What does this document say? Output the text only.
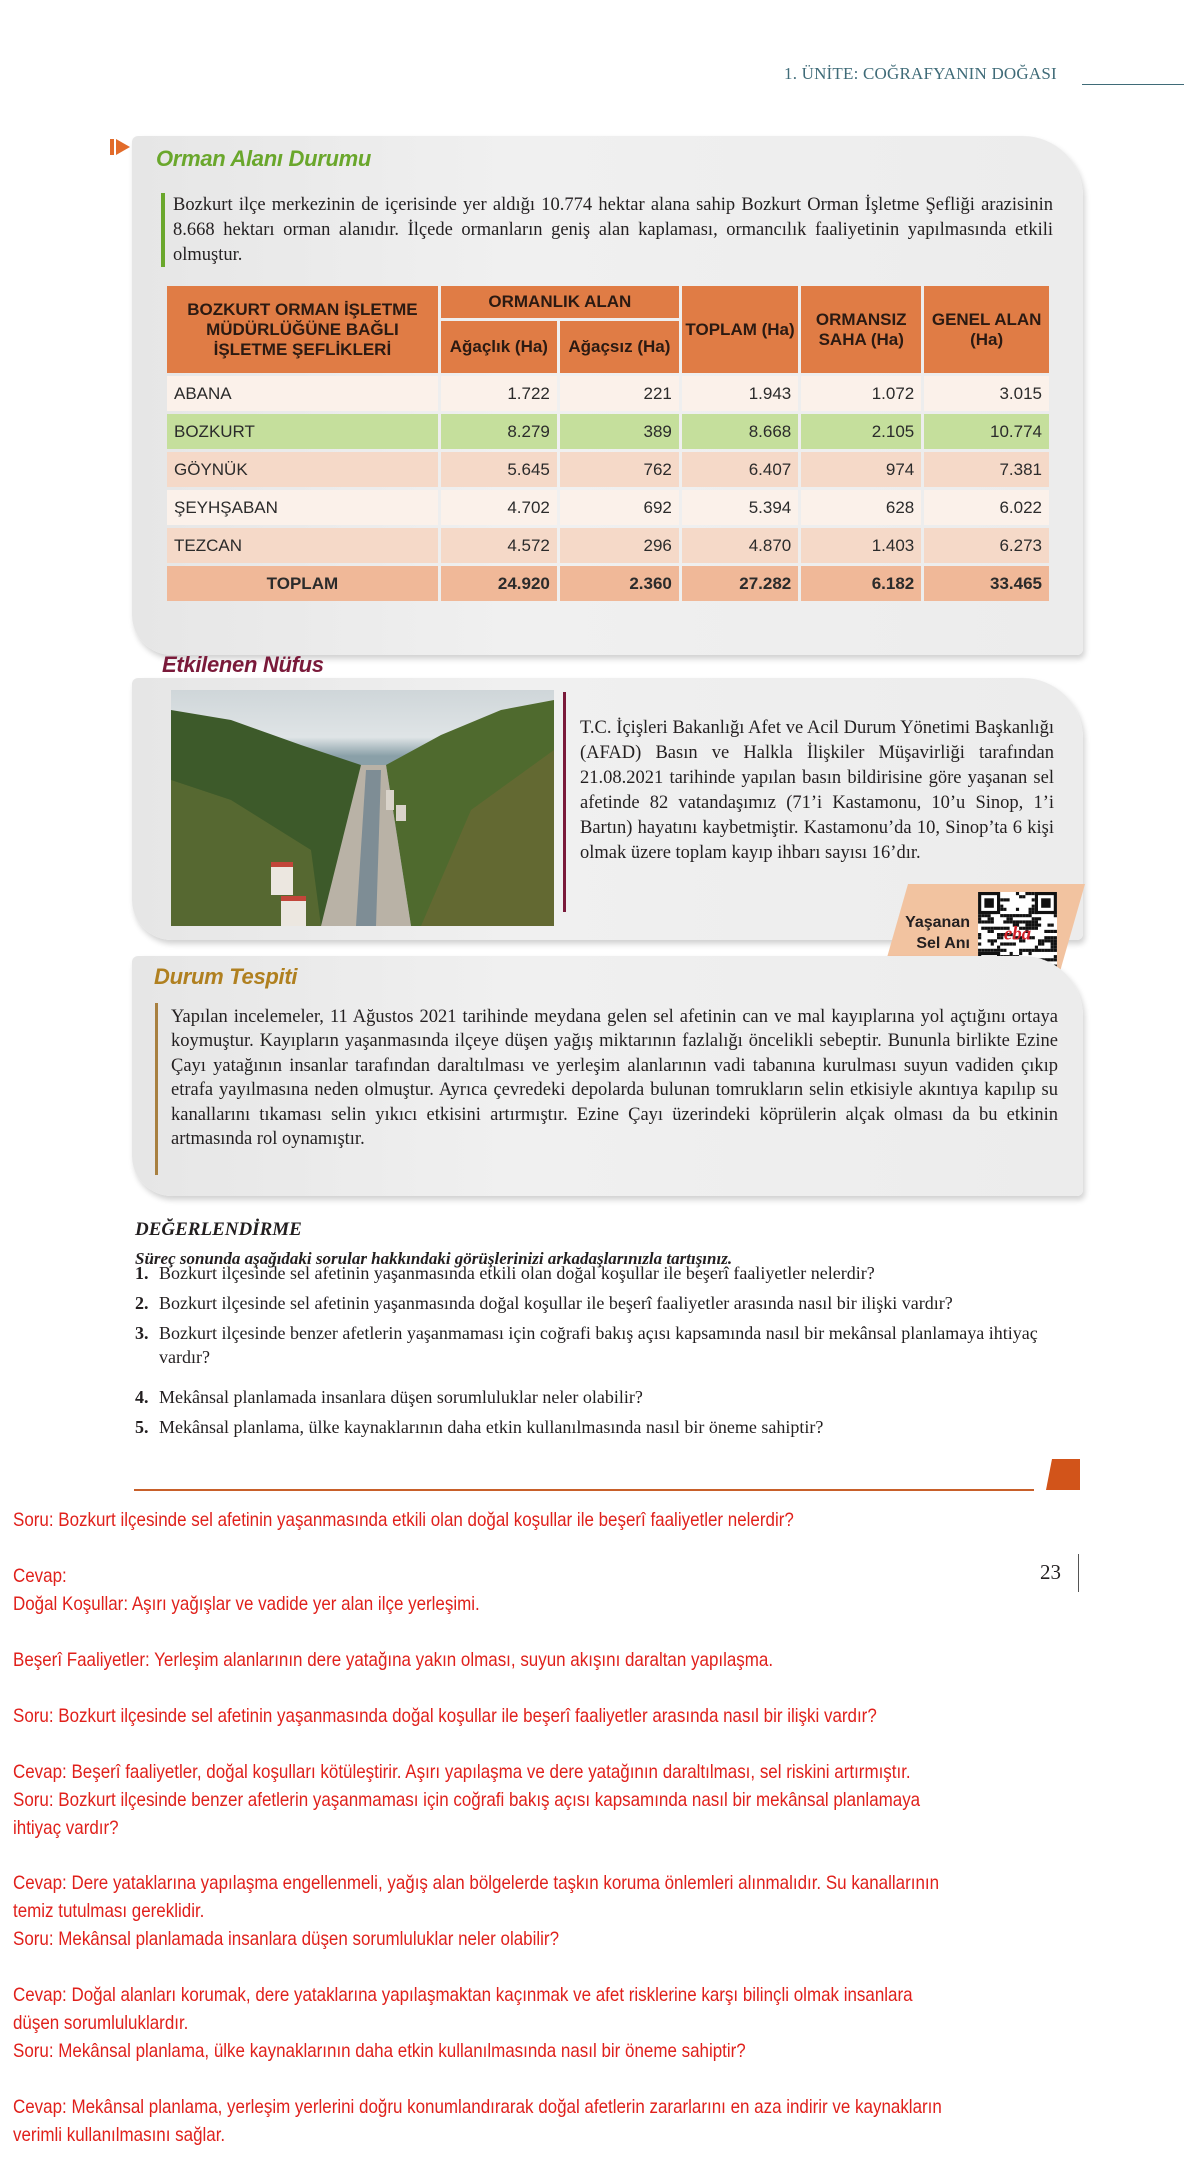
1. ÜNİTE: COĞRAFYANIN DOĞASI
Orman Alanı Durumu
Bozkurt ilçe merkezinin de içerisinde yer aldığı 10.774 hektar alana sahip Bozkurt Orman İşletme Şefliği arazisinin 8.668 hektarı orman alanıdır. İlçede ormanların geniş alan kaplaması, ormancılık faaliyetinin yapılmasında etkili olmuştur.
BOZKURT ORMAN İŞLETME MÜDÜRLÜĞÜNE BAĞLI İŞLETME ŞEFLİKLERİ	ORMANLIK ALAN		TOPLAM (Ha)	ORMANSIZ SAHA (Ha)	GENEL ALAN (Ha)
	Ağaçlık (Ha)	Ağaçsız (Ha)			
ABANA	1.722	221	1.943	1.072	3.015
BOZKURT	8.279	389	8.668	2.105	10.774
GÖYNÜK	5.645	762	6.407	974	7.381
ŞEYHŞABAN	4.702	692	5.394	628	6.022
TEZCAN	4.572	296	4.870	1.403	6.273
TOPLAM	24.920	2.360	27.282	6.182	33.465
Etkilenen Nüfus
T.C. İçişleri Bakanlığı Afet ve Acil Durum Yönetimi Başkanlığı (AFAD) Basın ve Halkla İlişkiler Müşavirliği tarafından 21.08.2021 tarihinde yapılan basın bildirisine göre yaşanan sel afetinde 82 vatandaşımız (71’i Kastamonu, 10’u Sinop, 1’i Bartın) hayatını kaybetmiştir. Kastamonu’da 10, Sinop’ta 6 kişi olmak üzere toplam kayıp ihbarı sayısı 16’dır.
Yaşanan
Sel Anı	eba
Durum Tespiti
Yapılan incelemeler, 11 Ağustos 2021 tarihinde meydana gelen sel afetinin can ve mal kayıplarına yol açtığını ortaya koymuştur. Kayıpların yaşanmasında ilçeye düşen yağış miktarının fazlalığı öncelikli sebeptir. Bununla birlikte Ezine Çayı yatağının insanlar tarafından daraltılması ve yerleşim alanlarının vadi tabanına kurulması suyun vadiden çıkıp etrafa yayılmasına neden olmuştur. Ayrıca çevredeki depolarda bulunan tomrukların selin etkisiyle akıntıya kapılıp su kanallarını tıkaması selin yıkıcı etkisini artırmıştır. Ezine Çayı üzerindeki köprülerin alçak olması da bu etkinin artmasında rol oynamıştır.
DEĞERLENDİRME
Süreç sonunda aşağıdaki sorular hakkındaki görüşlerinizi arkadaşlarınızla tartışınız.
1. Bozkurt ilçesinde sel afetinin yaşanmasında etkili olan doğal koşullar ile beşerî faaliyetler nelerdir?
2. Bozkurt ilçesinde sel afetinin yaşanmasında doğal koşullar ile beşerî faaliyetler arasında nasıl bir ilişki vardır?
3. Bozkurt ilçesinde benzer afetlerin yaşanmaması için coğrafi bakış açısı kapsamında nasıl bir mekânsal planlamaya ihtiyaç vardır?
4. Mekânsal planlamada insanlara düşen sorumluluklar neler olabilir?
5. Mekânsal planlama, ülke kaynaklarının daha etkin kullanılmasında nasıl bir öneme sahiptir?
23
Soru: Bozkurt ilçesinde sel afetinin yaşanmasında etkili olan doğal koşullar ile beşerî faaliyetler nelerdir?
Cevap:
Doğal Koşullar: Aşırı yağışlar ve vadide yer alan ilçe yerleşimi.
Beşerî Faaliyetler: Yerleşim alanlarının dere yatağına yakın olması, suyun akışını daraltan yapılaşma.
Soru: Bozkurt ilçesinde sel afetinin yaşanmasında doğal koşullar ile beşerî faaliyetler arasında nasıl bir ilişki vardır?
Cevap: Beşerî faaliyetler, doğal koşulları kötüleştirir. Aşırı yapılaşma ve dere yatağının daraltılması, sel riskini artırmıştır.
Soru: Bozkurt ilçesinde benzer afetlerin yaşanmaması için coğrafi bakış açısı kapsamında nasıl bir mekânsal planlamaya
ihtiyaç vardır?
Cevap: Dere yataklarına yapılaşma engellenmeli, yağış alan bölgelerde taşkın koruma önlemleri alınmalıdır. Su kanallarının
temiz tutulması gereklidir.
Soru: Mekânsal planlamada insanlara düşen sorumluluklar neler olabilir?
Cevap: Doğal alanları korumak, dere yataklarına yapılaşmaktan kaçınmak ve afet risklerine karşı bilinçli olmak insanlara
düşen sorumluluklardır.
Soru: Mekânsal planlama, ülke kaynaklarının daha etkin kullanılmasında nasıl bir öneme sahiptir?
Cevap: Mekânsal planlama, yerleşim yerlerini doğru konumlandırarak doğal afetlerin zararlarını en aza indirir ve kaynakların
verimli kullanılmasını sağlar.
